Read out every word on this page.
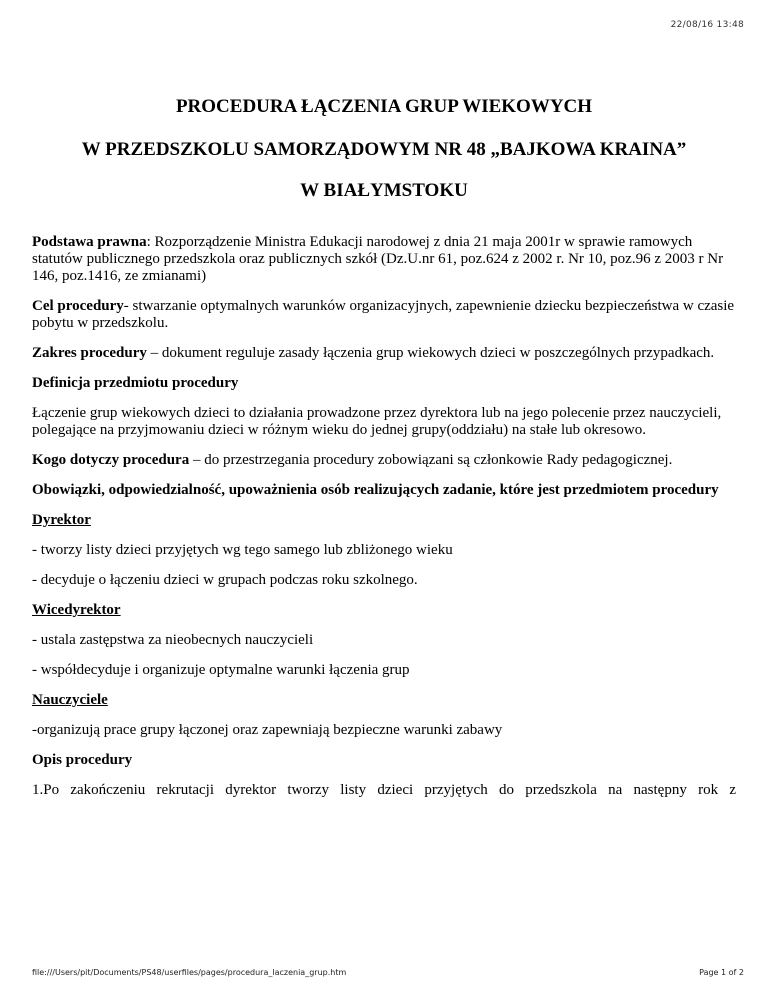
22/08/16 13:48
PROCEDURA ŁĄCZENIA GRUP WIEKOWYCH
W PRZEDSZKOLU SAMORZĄDOWYM NR 48 „BAJKOWA KRAINA”
W BIAŁYMSTOKU

Podstawa prawna: Rozporządzenie Ministra Edukacji narodowej z dnia 21 maja 2001r w sprawie ramowych statutów publicznego przedszkola oraz publicznych szkół (Dz.U.nr 61, poz.624 z 2002 r. Nr 10, poz.96 z 2003 r Nr 146, poz.1416, ze zmianami)

Cel procedury- stwarzanie optymalnych warunków organizacyjnych, zapewnienie dziecku bezpieczeństwa w czasie pobytu w przedszkolu.

Zakres procedury – dokument reguluje zasady łączenia grup wiekowych dzieci w poszczególnych przypadkach.

Definicja przedmiotu procedury

Łączenie grup wiekowych dzieci to działania prowadzone przez dyrektora lub na jego polecenie przez nauczycieli, polegające na przyjmowaniu dzieci w różnym wieku do jednej grupy(oddziału) na stałe lub okresowo.

Kogo dotyczy procedura – do przestrzegania procedury zobowiązani są członkowie Rady pedagogicznej.

Obowiązki, odpowiedzialność, upoważnienia osób realizujących zadanie, które jest przedmiotem procedury

Dyrektor

- tworzy listy dzieci przyjętych wg tego samego lub zbliżonego wieku

- decyduje o łączeniu dzieci w grupach podczas roku szkolnego.

Wicedyrektor

- ustala zastępstwa za nieobecnych nauczycieli

- współdecyduje i organizuje optymalne warunki łączenia grup

Nauczyciele

-organizują prace grupy łączonej oraz zapewniają bezpieczne warunki zabawy

Opis procedury

1.Po zakończeniu rekrutacji dyrektor tworzy listy dzieci przyjętych do przedszkola na następny rok z

file:///Users/pit/Documents/PS48/userfiles/pages/procedura_laczenia_grup.htm	Page 1 of 2
